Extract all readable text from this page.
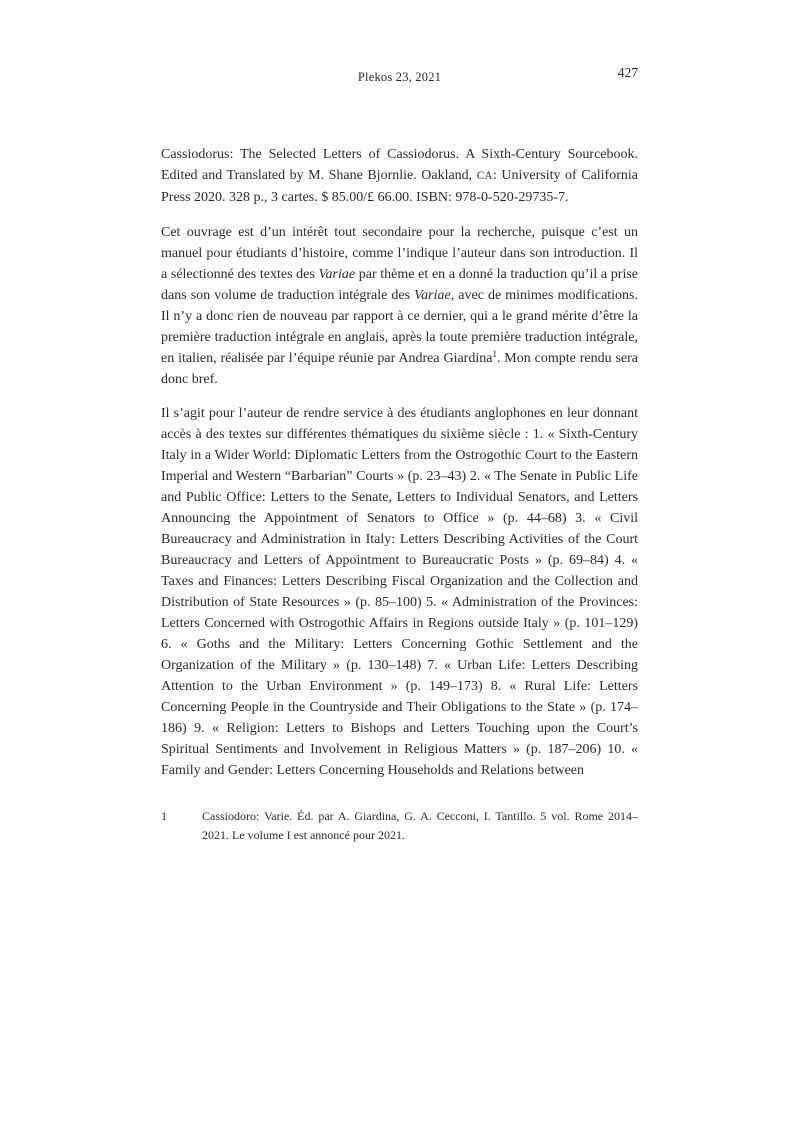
Plekos 23, 2021	427

Cassiodorus: The Selected Letters of Cassiodorus. A Sixth-Century Sourcebook. Edited and Translated by M. Shane Bjornlie. Oakland, CA: University of California Press 2020. 328 p., 3 cartes. $ 85.00/£ 66.00. ISBN: 978-0-520-29735-7.

Cet ouvrage est d’un intérêt tout secondaire pour la recherche, puisque c’est un manuel pour étudiants d’histoire, comme l’indique l’auteur dans son introduction. Il a sélectionné des textes des Variae par thème et en a donné la traduction qu’il a prise dans son volume de traduction intégrale des Variae, avec de minimes modifications. Il n’y a donc rien de nouveau par rapport à ce dernier, qui a le grand mérite d’être la première traduction intégrale en anglais, après la toute première traduction intégrale, en italien, réalisée par l’équipe réunie par Andrea Giardina$^1$. Mon compte rendu sera donc bref.

Il s’agit pour l’auteur de rendre service à des étudiants anglophones en leur donnant accès à des textes sur différentes thématiques du sixième siècle : 1. « Sixth-Century Italy in a Wider World: Diplomatic Letters from the Ostrogothic Court to the Eastern Imperial and Western “Barbarian” Courts » (p. 23–43) 2. « The Senate in Public Life and Public Office: Letters to the Senate, Letters to Individual Senators, and Letters Announcing the Appointment of Senators to Office » (p. 44–68) 3. « Civil Bureaucracy and Administration in Italy: Letters Describing Activities of the Court Bureaucracy and Letters of Appointment to Bureaucratic Posts » (p. 69–84) 4. « Taxes and Finances: Letters Describing Fiscal Organization and the Collection and Distribution of State Resources » (p. 85–100) 5. « Administration of the Provinces: Letters Concerned with Ostrogothic Affairs in Regions outside Italy » (p. 101–129) 6. « Goths and the Military: Letters Concerning Gothic Settlement and the Organization of the Military » (p. 130–148) 7. « Urban Life: Letters Describing Attention to the Urban Environment » (p. 149–173) 8. « Rural Life: Letters Concerning People in the Countryside and Their Obligations to the State » (p. 174–186) 9. « Religion: Letters to Bishops and Letters Touching upon the Court’s Spiritual Sentiments and Involvement in Religious Matters » (p. 187–206) 10. « Family and Gender: Letters Concerning Households and Relations between

1	Cassiodoro: Varie. Éd. par A. Giardina, G. A. Cecconi, I. Tantillo. 5 vol. Rome 2014–2021. Le volume I est annoncé pour 2021.
